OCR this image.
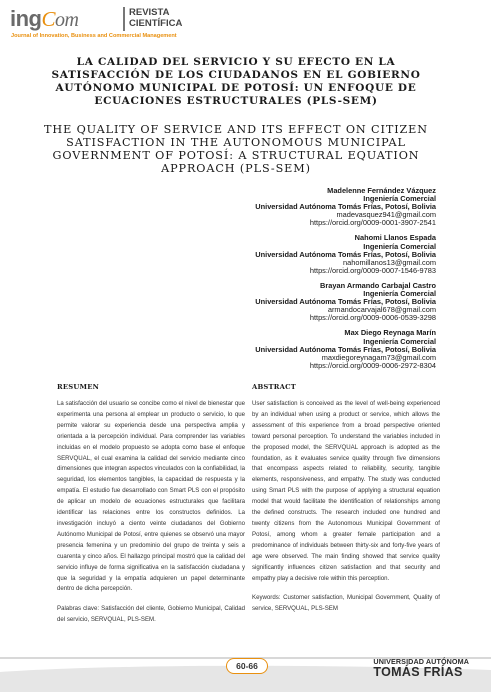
ingCom	REVISTA
CIENTÍFICA
Journal of Innovation, Business and Commercial Management
LA CALIDAD DEL SERVICIO Y SU EFECTO EN LA SATISFACCIÓN DE LOS CIUDADANOS EN EL GOBIERNO AUTÓNOMO MUNICIPAL DE POTOSÍ: UN ENFOQUE DE ECUACIONES ESTRUCTURALES (PLS-SEM)
THE QUALITY OF SERVICE AND ITS EFFECT ON CITIZEN SATISFACTION IN THE AUTONOMOUS MUNICIPAL GOVERNMENT OF POTOSÍ: A STRUCTURAL EQUATION APPROACH (PLS-SEM)
Madelenne Fernández Vázquez
Ingeniería Comercial
Universidad Autónoma Tomás Frías, Potosí, Bolivia
madevasquez941@gmail.com
https://orcid.org/0009-0001-3907-2541
Nahomi Llanos Espada
Ingeniería Comercial
Universidad Autónoma Tomás Frías, Potosí, Bolivia
nahomillanos13@gmail.com
https://orcid.org/0009-0007-1546-9783
Brayan Armando Carbajal Castro
Ingeniería Comercial
Universidad Autónoma Tomás Frías, Potosí, Bolivia
armandocarvajal678@gmail.com
https://orcid.org/0009-0006-0539-3298
Max Diego Reynaga Marín
Ingeniería Comercial
Universidad Autónoma Tomás Frías, Potosí, Bolivia
maxdiegoreynagam73@gmail.com
https://orcid.org/0009-0006-2972-8304
RESUMEN

La satisfacción del usuario se concibe como el nivel de bienestar que experimenta una persona al emplear un producto o servicio, lo que permite valorar su experiencia desde una perspectiva amplia y orientada a la percepción individual. Para comprender las variables incluidas en el modelo propuesto se adopta como base el enfoque SERVQUAL, el cual examina la calidad del servicio mediante cinco dimensiones que integran aspectos vinculados con la confiabilidad, la seguridad, los elementos tangibles, la capacidad de respuesta y la empatía. El estudio fue desarrollado con Smart PLS con el propósito de aplicar un modelo de ecuaciones estructurales que facilitara identificar las relaciones entre los constructos definidos. La investigación incluyó a ciento veinte ciudadanos del Gobierno Autónomo Municipal de Potosí, entre quienes se observó una mayor presencia femenina y un predominio del grupo de treinta y seis a cuarenta y cinco años. El hallazgo principal mostró que la calidad del servicio influye de forma significativa en la satisfacción ciudadana y que la seguridad y la empatía adquieren un papel determinante dentro de dicha percepción.

Palabras clave: Satisfacción del cliente, Gobierno Municipal, Calidad del servicio, SERVQUAL, PLS-SEM.

ABSTRACT

User satisfaction is conceived as the level of well-being experienced by an individual when using a product or service, which allows the assessment of this experience from a broad perspective oriented toward personal perception. To understand the variables included in the proposed model, the SERVQUAL approach is adopted as the foundation, as it evaluates service quality through five dimensions that encompass aspects related to reliability, security, tangible elements, responsiveness, and empathy. The study was conducted using Smart PLS with the purpose of applying a structural equation model that would facilitate the identification of relationships among the defined constructs. The research included one hundred and twenty citizens from the Autonomous Municipal Government of Potosí, among whom a greater female participation and a predominance of individuals between thirty-six and forty-five years of age were observed. The main finding showed that service quality significantly influences citizen satisfaction and that security and empathy play a decisive role within this perception.

Keywords: Customer satisfaction, Municipal Government, Quality of service, SERVQUAL, PLS-SEM

60-66	UNIVERSIDAD AUTÓNOMA
TOMÁS FRÍAS
